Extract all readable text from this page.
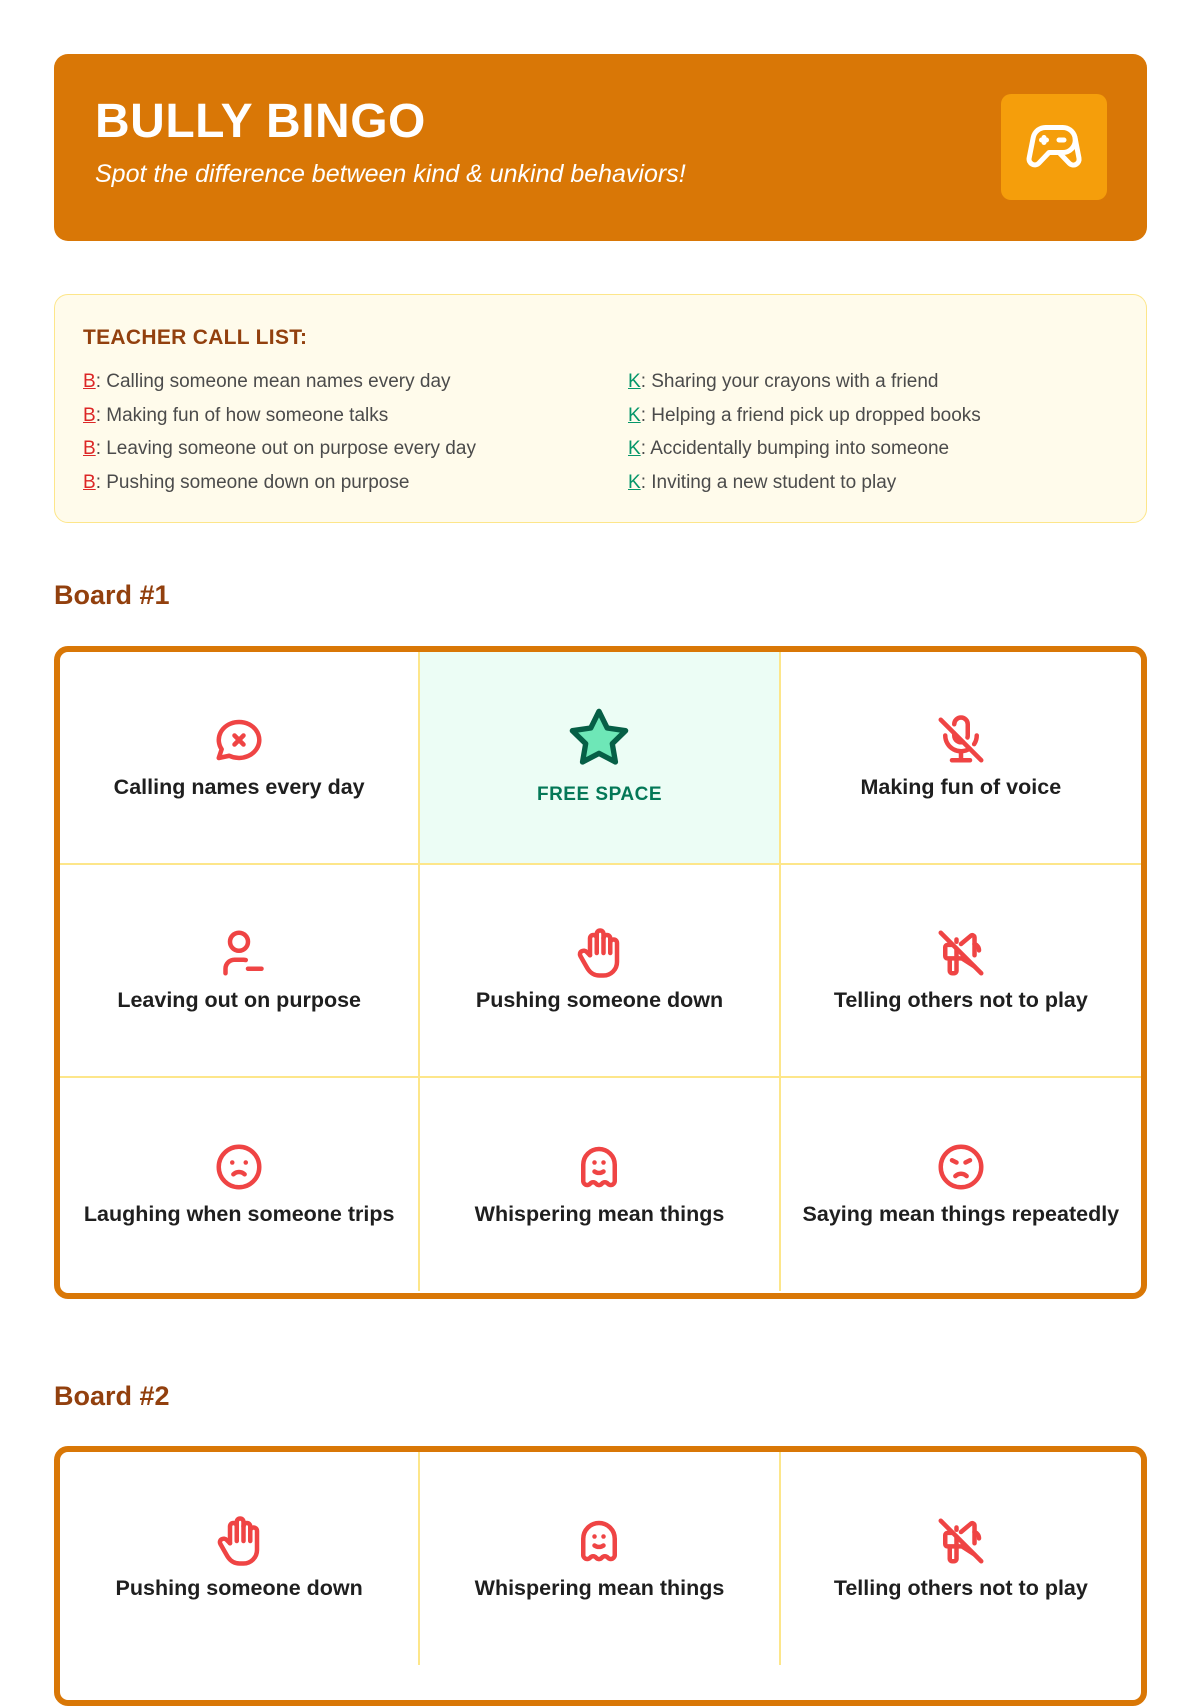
BULLY BINGO
Spot the difference between kind & unkind behaviors!
TEACHER CALL LIST:
B: Calling someone mean names every day
B: Making fun of how someone talks
B: Leaving someone out on purpose every day
B: Pushing someone down on purpose
K: Sharing your crayons with a friend
K: Helping a friend pick up dropped books
K: Accidentally bumping into someone
K: Inviting a new student to play
Board #1
Calling names every day	FREE SPACE	Making fun of voice
Leaving out on purpose	Pushing someone down	Telling others not to play
Laughing when someone trips	Whispering mean things	Saying mean things repeatedly
Board #2
Pushing someone down	Whispering mean things	Telling others not to play
